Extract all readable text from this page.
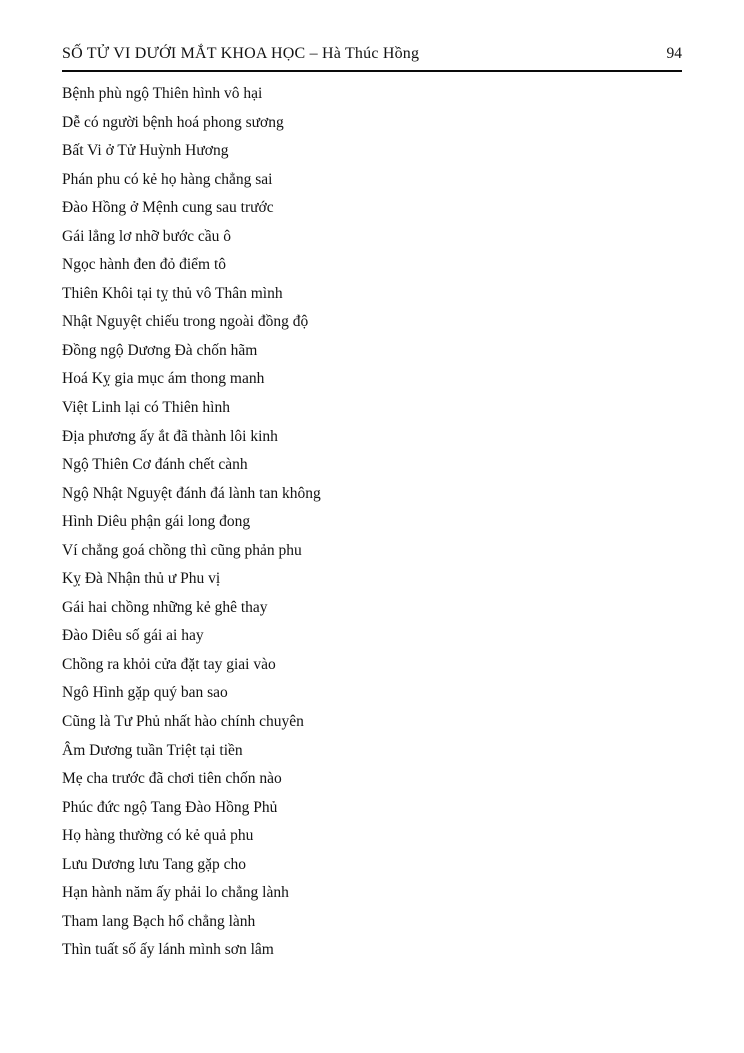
SỐ TỬ VI DƯỚI MẮT KHOA HỌC – Hà Thúc Hồng	94

Bệnh phù ngộ Thiên hình vô hại

Dễ có người bệnh hoá phong sương

Bất Vi ở Tử Huỳnh Hương

Phán phu có kẻ họ hàng chẳng sai

Đào Hồng ở Mệnh cung sau trước

Gái lẳng lơ nhỡ bước cầu ô

Ngọc hành đen đỏ điểm tô

Thiên Khôi tại tỵ thủ vô Thân mình

Nhật Nguyệt chiếu trong ngoài đồng độ

Đồng ngộ Dương Đà chốn hãm

Hoá Kỵ gia mục ám thong manh

Việt Linh lại có Thiên hình

Địa phương ấy ắt đã thành lôi kinh

Ngộ Thiên Cơ đánh chết cành

Ngộ Nhật Nguyệt đánh đá lành tan không

Hình Diêu phận gái long đong

Ví chẳng goá chồng thì cũng phản phu

Kỵ Đà Nhận thủ ư Phu vị

Gái hai chồng những kẻ ghê thay

Đào Diêu số gái ai hay

Chồng ra khỏi cửa đặt tay giai vào

Ngô Hình gặp quý ban sao

Cũng là Tư Phủ nhất hào chính chuyên

Âm Dương tuần Triệt tại tiền

Mẹ cha trước đã chơi tiên chốn nào

Phúc đức ngộ Tang Đào Hồng Phủ

Họ hàng thường có kẻ quả phu

Lưu Dương lưu Tang gặp cho

Hạn hành năm ấy phải lo chẳng lành

Tham lang Bạch hổ chẳng lành

Thìn tuất số ấy lánh mình sơn lâm
